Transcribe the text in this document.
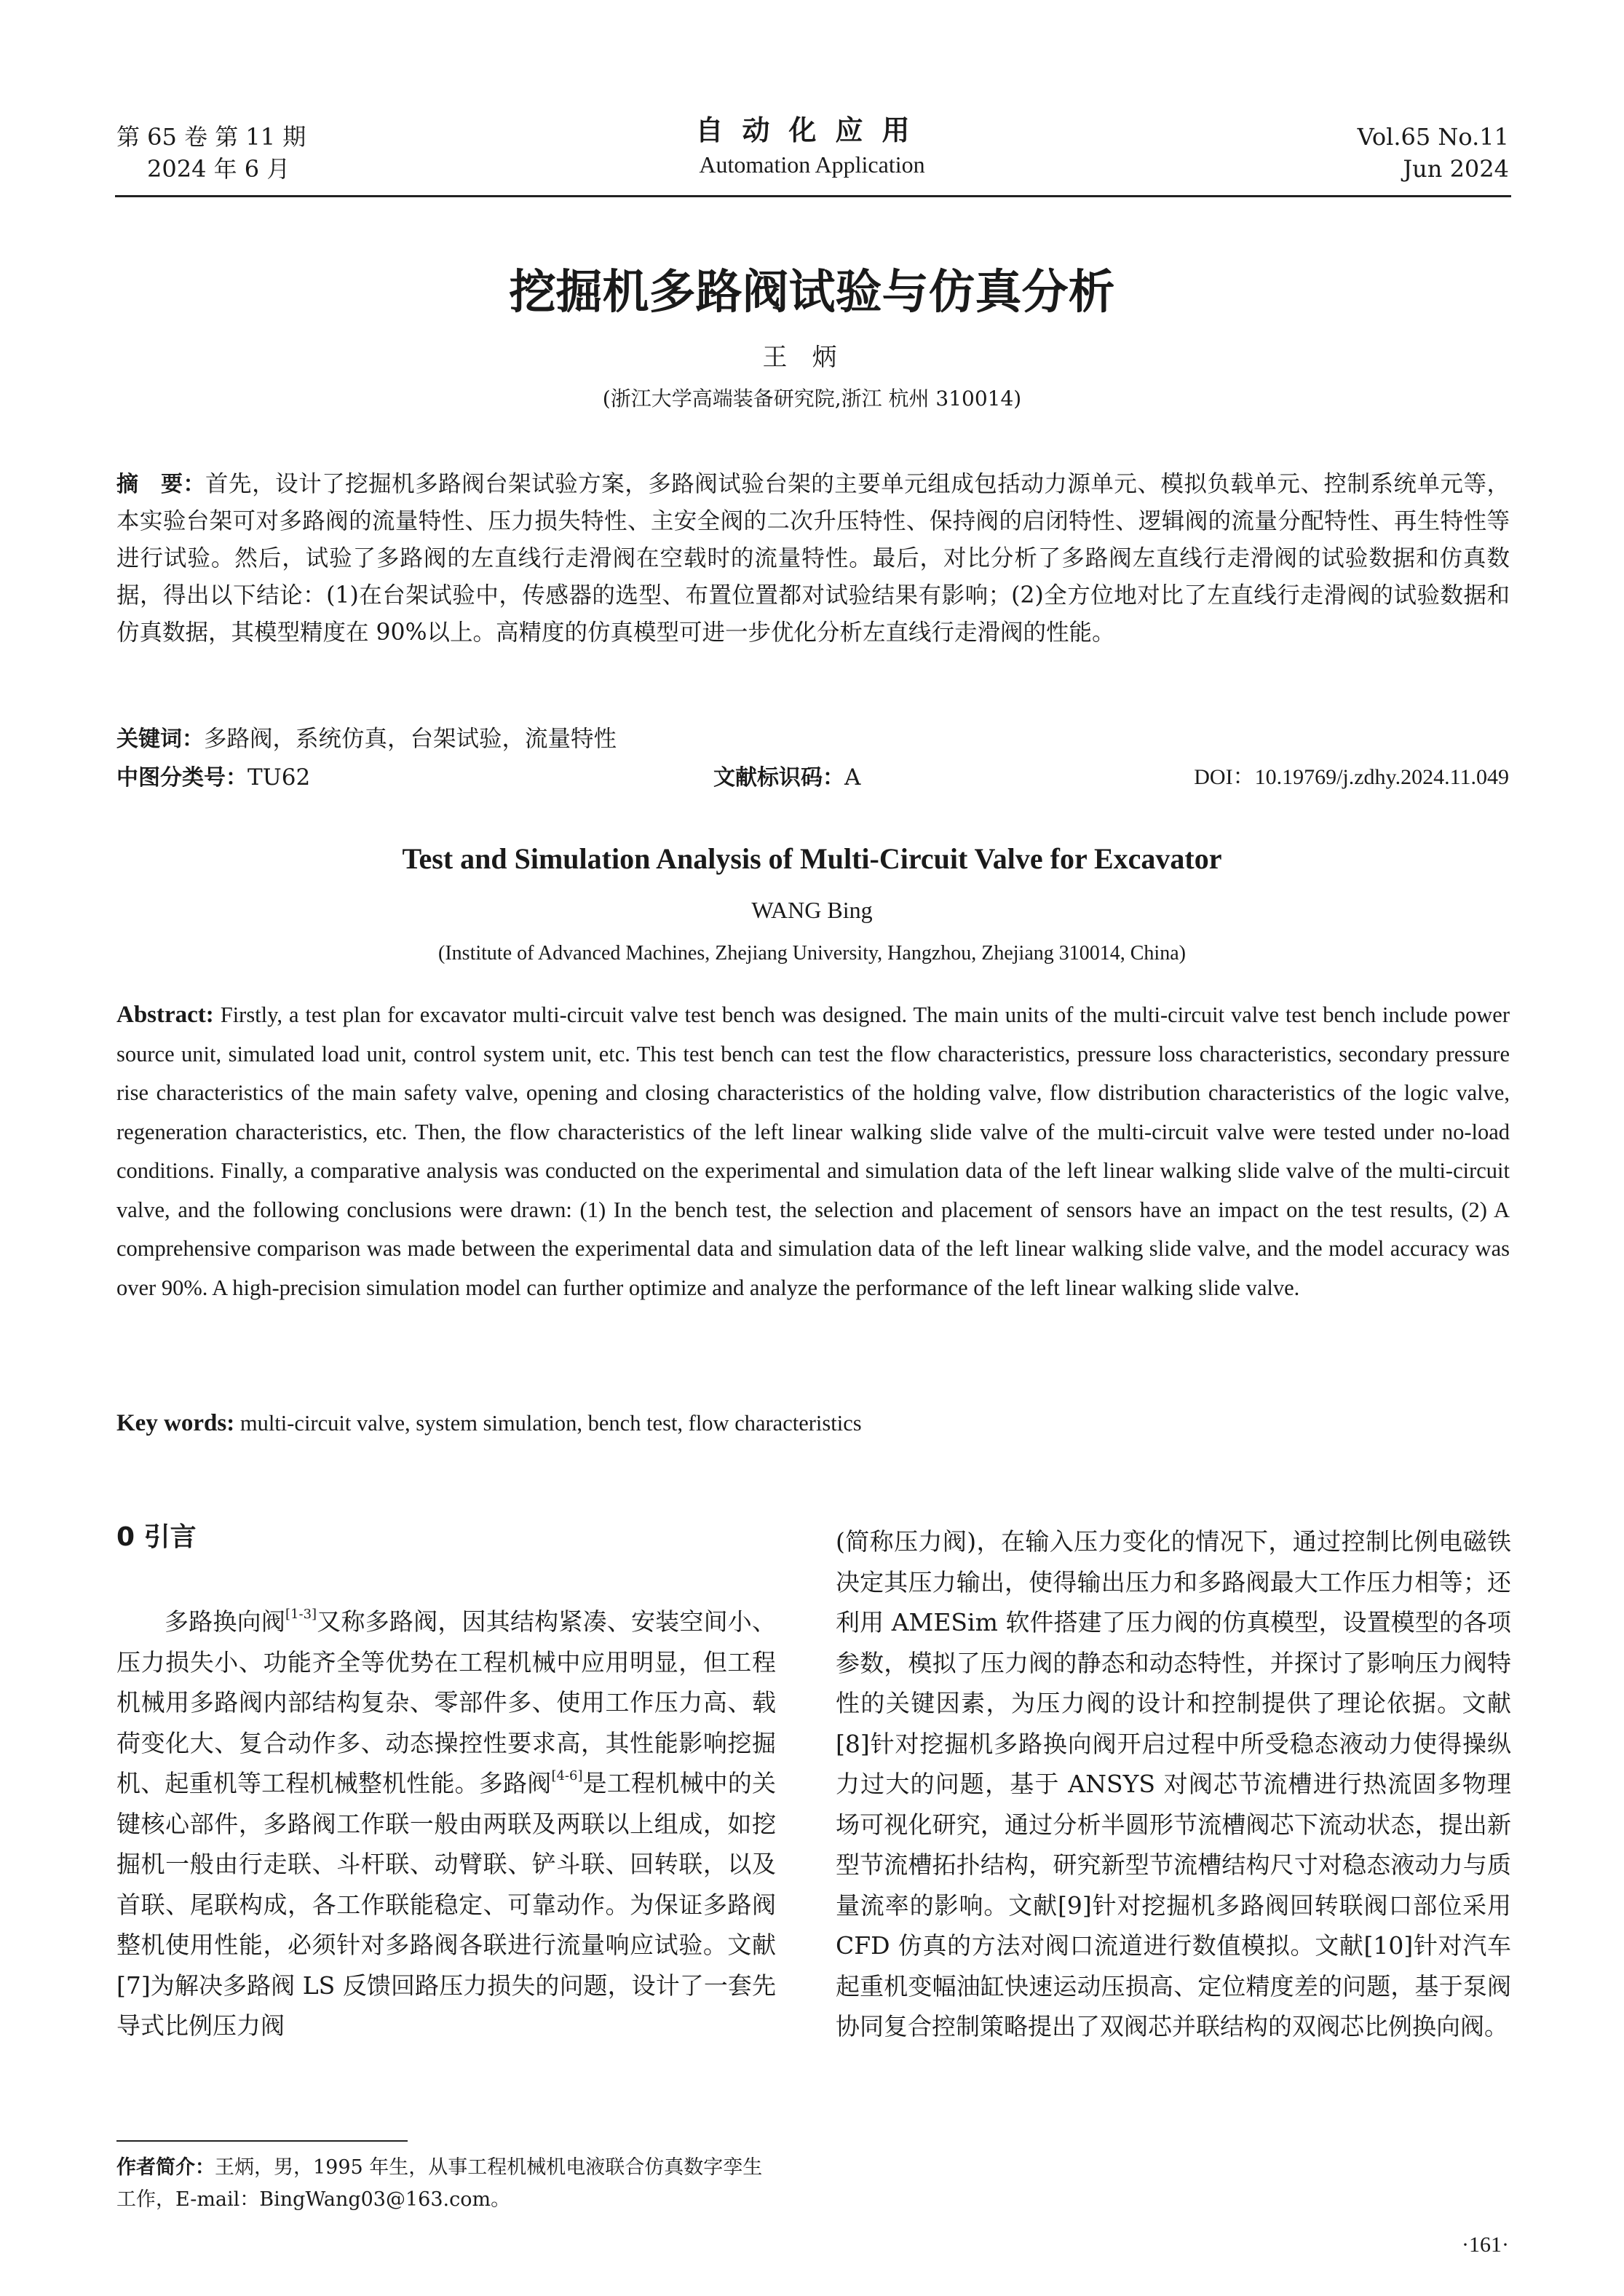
第 65 卷 第 11 期
2024 年 6 月
自动化应用
Automation Application
Vol.65 No.11
Jun 2024
挖掘机多路阀试验与仿真分析
王炳
(浙江大学高端装备研究院,浙江 杭州 310014)
摘　要：首先，设计了挖掘机多路阀台架试验方案，多路阀试验台架的主要单元组成包括动力源单元、模拟负载单元、控制系统单元等，本实验台架可对多路阀的流量特性、压力损失特性、主安全阀的二次升压特性、保持阀的启闭特性、逻辑阀的流量分配特性、再生特性等进行试验。然后，试验了多路阀的左直线行走滑阀在空载时的流量特性。最后，对比分析了多路阀左直线行走滑阀的试验数据和仿真数据，得出以下结论：(1)在台架试验中，传感器的选型、布置位置都对试验结果有影响；(2)全方位地对比了左直线行走滑阀的试验数据和仿真数据，其模型精度在 90%以上。高精度的仿真模型可进一步优化分析左直线行走滑阀的性能。
关键词：多路阀，系统仿真，台架试验，流量特性
中图分类号：TU62	文献标识码：A	DOI：10.19769/j.zdhy.2024.11.049
Test and Simulation Analysis of Multi-Circuit Valve for Excavator
WANG Bing
(Institute of Advanced Machines, Zhejiang University, Hangzhou, Zhejiang 310014, China)
Abstract: Firstly, a test plan for excavator multi-circuit valve test bench was designed. The main units of the multi-circuit valve test bench include power source unit, simulated load unit, control system unit, etc. This test bench can test the flow characteristics, pressure loss characteristics, secondary pressure rise characteristics of the main safety valve, opening and closing characteristics of the holding valve, flow distribution characteristics of the logic valve, regeneration characteristics, etc. Then, the flow characteristics of the left linear walking slide valve of the multi-circuit valve were tested under no-load conditions. Finally, a comparative analysis was conducted on the experimental and simulation data of the left linear walking slide valve of the multi-circuit valve, and the following conclusions were drawn: (1) In the bench test, the selection and placement of sensors have an impact on the test results, (2) A comprehensive comparison was made between the experimental data and simulation data of the left linear walking slide valve, and the model accuracy was over 90%. A high-precision simulation model can further optimize and analyze the performance of the left linear walking slide valve.
Key words: multi-circuit valve, system simulation, bench test, flow characteristics
0 引言

多路换向阀[1-3]又称多路阀，因其结构紧凑、安装空间小、压力损失小、功能齐全等优势在工程机械中应用明显，但工程机械用多路阀内部结构复杂、零部件多、使用工作压力高、载荷变化大、复合动作多、动态操控性要求高，其性能影响挖掘机、起重机等工程机械整机性能。多路阀[4-6]是工程机械中的关键核心部件，多路阀工作联一般由两联及两联以上组成，如挖掘机一般由行走联、斗杆联、动臂联、铲斗联、回转联，以及首联、尾联构成，各工作联能稳定、可靠动作。为保证多路阀整机使用性能，必须针对多路阀各联进行流量响应试验。文献[7]为解决多路阀 LS 反馈回路压力损失的问题，设计了一套先导式比例压力阀

(简称压力阀)，在输入压力变化的情况下，通过控制比例电磁铁决定其压力输出，使得输出压力和多路阀最大工作压力相等；还利用 AMESim 软件搭建了压力阀的仿真模型，设置模型的各项参数，模拟了压力阀的静态和动态特性，并探讨了影响压力阀特性的关键因素，为压力阀的设计和控制提供了理论依据。文献[8]针对挖掘机多路换向阀开启过程中所受稳态液动力使得操纵力过大的问题，基于 ANSYS 对阀芯节流槽进行热流固多物理场可视化研究，通过分析半圆形节流槽阀芯下流动状态，提出新型节流槽拓扑结构，研究新型节流槽结构尺寸对稳态液动力与质量流率的影响。文献[9]针对挖掘机多路阀回转联阀口部位采用 CFD 仿真的方法对阀口流道进行数值模拟。文献[10]针对汽车起重机变幅油缸快速运动压损高、定位精度差的问题，基于泵阀协同复合控制策略提出了双阀芯并联结构的双阀芯比例换向阀。

作者简介：王炳，男，1995 年生，从事工程机械机电液联合仿真数字孪生工作，E-mail：BingWang03@163.com。
·161·
